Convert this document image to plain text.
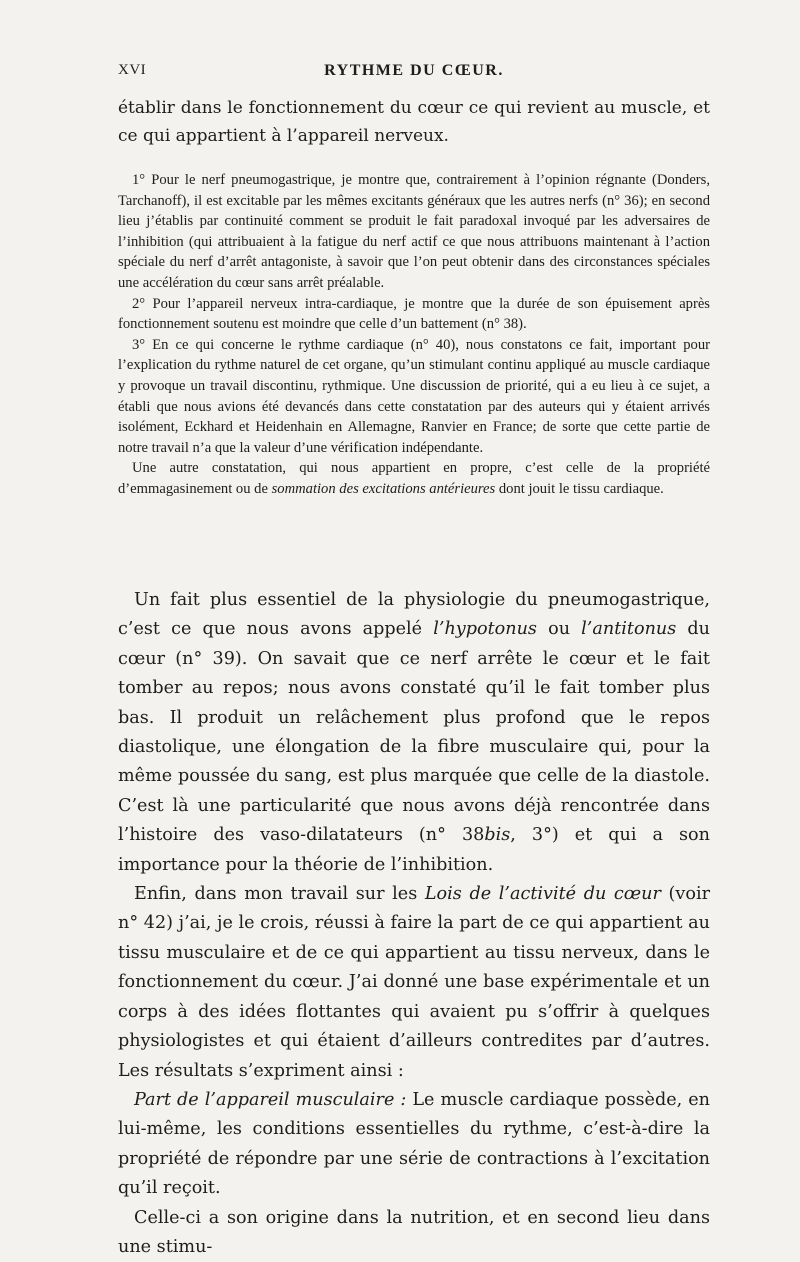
XVI	RYTHME DU CŒUR.

établir dans le fonctionnement du cœur ce qui revient au muscle, et ce qui appartient à l’appareil nerveux.

1° Pour le nerf pneumogastrique, je montre que, contrairement à l’opinion régnante (Donders, Tarchanoff), il est excitable par les mêmes excitants généraux que les autres nerfs (n° 36); en second lieu j’établis par continuité comment se produit le fait paradoxal invoqué par les adversaires de l’inhibition (qui attribuaient à la fatigue du nerf actif ce que nous attribuons maintenant à l’action spéciale du nerf d’arrêt antagoniste, à savoir que l’on peut obtenir dans des circonstances spéciales une accélération du cœur sans arrêt préalable.

2° Pour l’appareil nerveux intra-cardiaque, je montre que la durée de son épuisement après fonctionnement soutenu est moindre que celle d’un battement (n° 38).

3° En ce qui concerne le rythme cardiaque (n° 40), nous constatons ce fait, important pour l’explication du rythme naturel de cet organe, qu’un stimulant continu appliqué au muscle cardiaque y provoque un travail discontinu, rythmique. Une discussion de priorité, qui a eu lieu à ce sujet, a établi que nous avions été devancés dans cette constatation par des auteurs qui y étaient arrivés isolément, Eckhard et Heidenhain en Allemagne, Ranvier en France; de sorte que cette partie de notre travail n’a que la valeur d’une vérification indépendante.

Une autre constatation, qui nous appartient en propre, c’est celle de la propriété d’emmagasinement ou de sommation des excitations antérieures dont jouit le tissu cardiaque.

Un fait plus essentiel de la physiologie du pneumogastrique, c’est ce que nous avons appelé l’hypotonus ou l’antitonus du cœur (n° 39). On savait que ce nerf arrête le cœur et le fait tomber au repos; nous avons constaté qu’il le fait tomber plus bas. Il produit un relâchement plus profond que le repos diastolique, une élongation de la fibre musculaire qui, pour la même poussée du sang, est plus marquée que celle de la diastole. C’est là une particularité que nous avons déjà rencontrée dans l’histoire des vaso-dilatateurs (n° 38bis, 3°) et qui a son importance pour la théorie de l’inhibition.

Enfin, dans mon travail sur les Lois de l’activité du cœur (voir n° 42) j’ai, je le crois, réussi à faire la part de ce qui appartient au tissu musculaire et de ce qui appartient au tissu nerveux, dans le fonctionnement du cœur. J’ai donné une base expérimentale et un corps à des idées flottantes qui avaient pu s’offrir à quelques physiologistes et qui étaient d’ailleurs contredites par d’autres. Les résultats s’expriment ainsi :

Part de l’appareil musculaire : Le muscle cardiaque possède, en lui-même, les conditions essentielles du rythme, c’est-à-dire la propriété de répondre par une série de contractions à l’excitation qu’il reçoit.

Celle-ci a son origine dans la nutrition, et en second lieu dans une stimu-
